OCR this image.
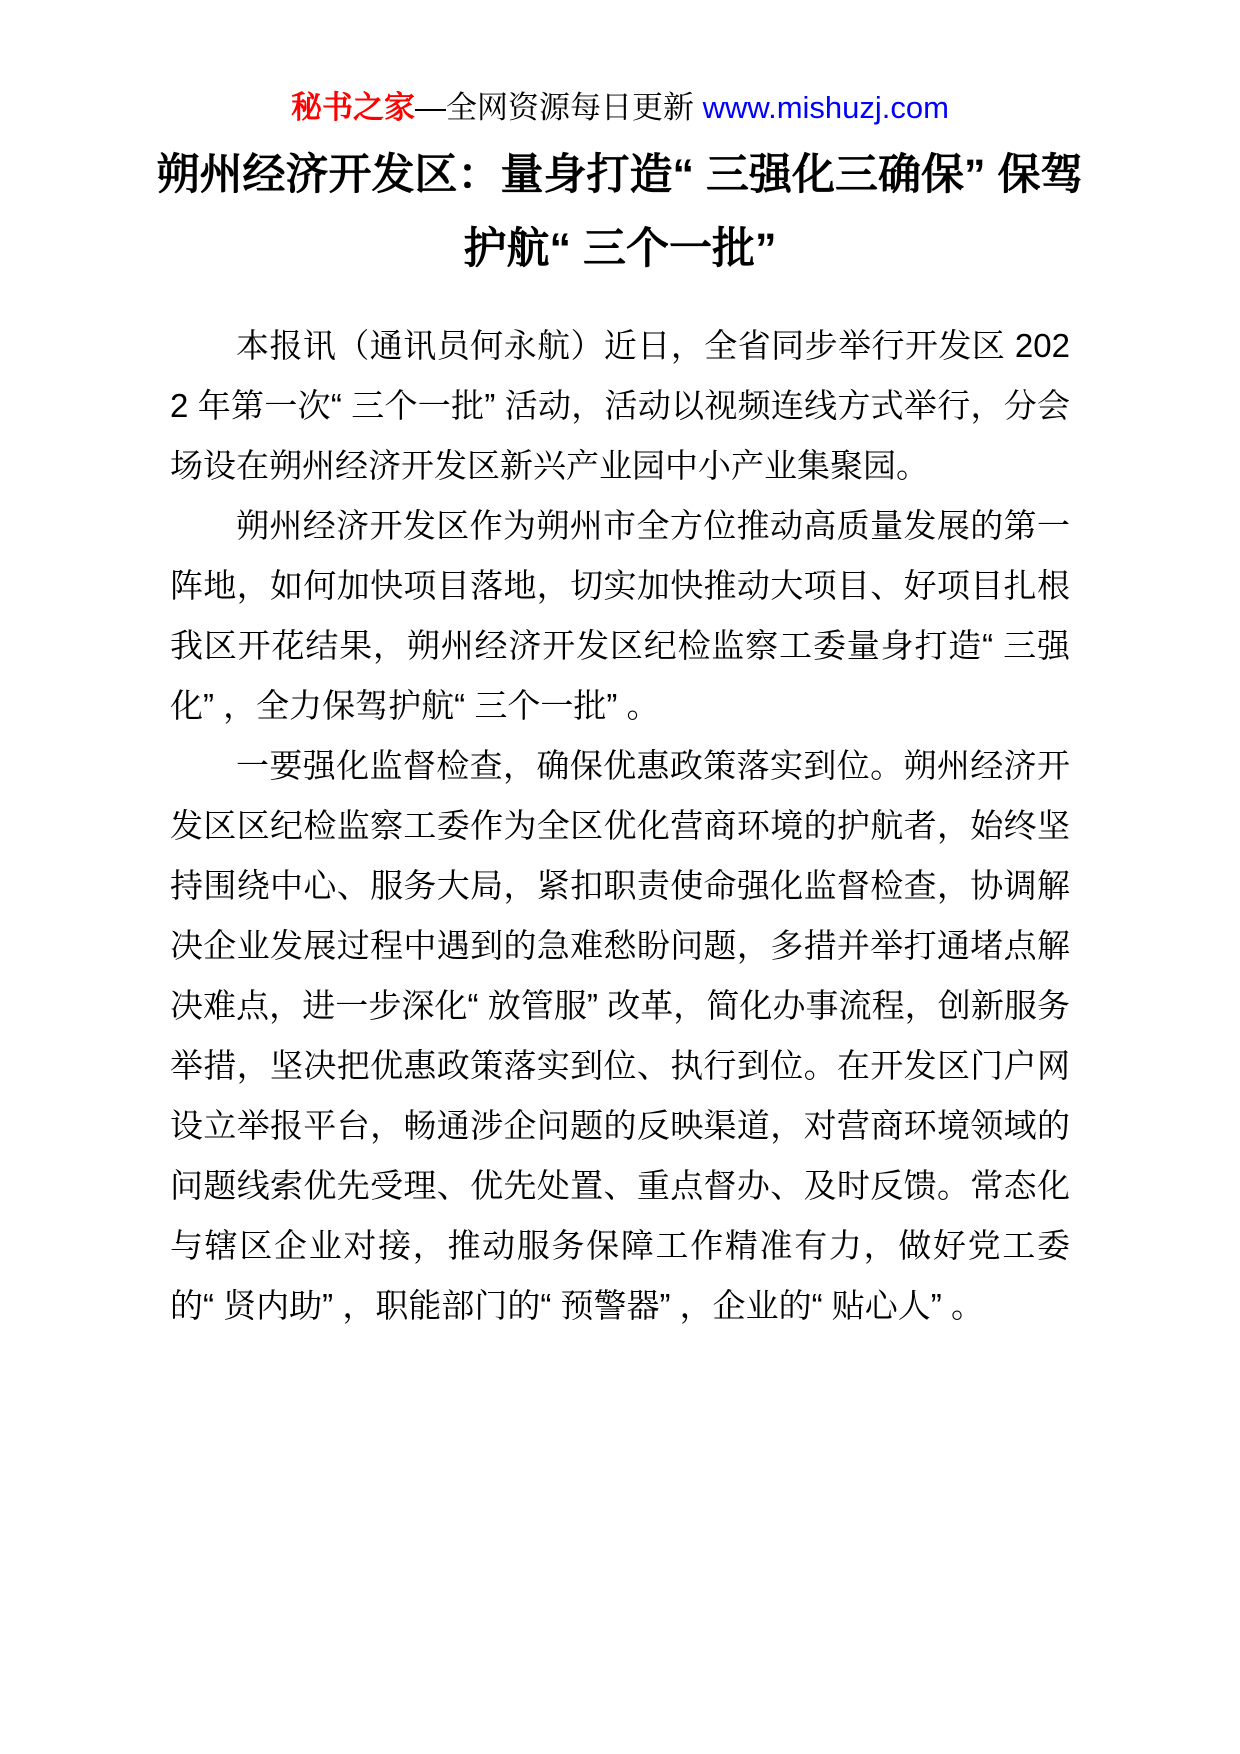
秘书之家—全网资源每日更新 www.mishuzj.com
朔州经济开发区：量身打造“ 三强化三确保” 保驾护航“ 三个一批”

本报讯（通讯员何永航）近日，全省同步举行开发区 2022 年第一次“ 三个一批” 活动，活动以视频连线方式举行，分会场设在朔州经济开发区新兴产业园中小产业集聚园。

朔州经济开发区作为朔州市全方位推动高质量发展的第一阵地，如何加快项目落地，切实加快推动大项目、好项目扎根我区开花结果，朔州经济开发区纪检监察工委量身打造“ 三强化” ，全力保驾护航“ 三个一批” 。

一要强化监督检查，确保优惠政策落实到位。朔州经济开发区区纪检监察工委作为全区优化营商环境的护航者，始终坚持围绕中心、服务大局，紧扣职责使命强化监督检查，协调解决企业发展过程中遇到的急难愁盼问题，多措并举打通堵点解决难点，进一步深化“ 放管服” 改革，简化办事流程，创新服务举措，坚决把优惠政策落实到位、执行到位。在开发区门户网设立举报平台，畅通涉企问题的反映渠道，对营商环境领域的问题线索优先受理、优先处置、重点督办、及时反馈。常态化与辖区企业对接，推动服务保障工作精准有力，做好党工委的“ 贤内助” ，职能部门的“ 预警器” ，企业的“ 贴心人” 。
